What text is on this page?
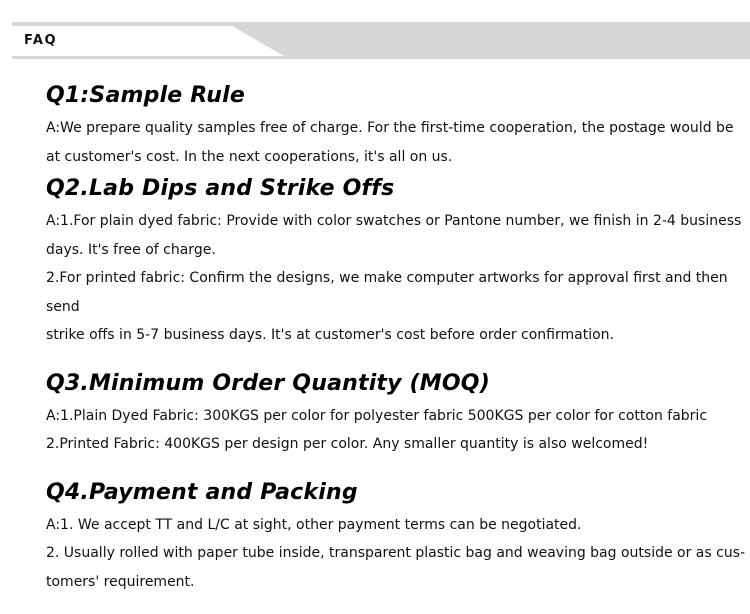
FAQ
Q1:Sample Rule

A:We prepare quality samples free of charge. For the first-time cooperation, the postage would be

at customer's cost. In the next cooperations, it's all on us.

Q2.Lab Dips and Strike Offs

A:1.For plain dyed fabric: Provide with color swatches or Pantone number, we finish in 2-4 business

days. It's free of charge.

2.For printed fabric: Confirm the designs, we make computer artworks for approval first and then

send

strike offs in 5-7 business days. It's at customer's cost before order confirmation.

Q3.Minimum Order Quantity (MOQ)

A:1.Plain Dyed Fabric: 300KGS per color for polyester fabric 500KGS per color for cotton fabric

2.Printed Fabric: 400KGS per design per color. Any smaller quantity is also welcomed!

Q4.Payment and Packing

A:1. We accept TT and L/C at sight, other payment terms can be negotiated.

2. Usually rolled with paper tube inside, transparent plastic bag and weaving bag outside or as cus-

tomers' requirement.
